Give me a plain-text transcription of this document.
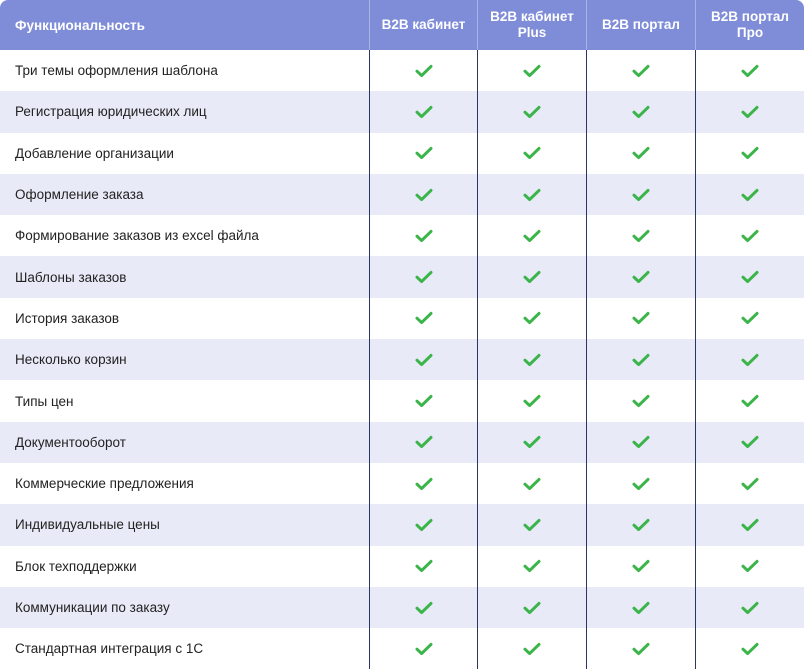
Функциональность	B2B кабинет
B2B кабинет Plus
B2B портал
B2B портал Про
Три темы оформления шаблона
Регистрация юридических лиц
Добавление организации
Оформление заказа
Формирование заказов из excel файла
Шаблоны заказов
История заказов
Несколько корзин
Типы цен
Документооборот
Коммерческие предложения
Индивидуальные цены
Блок техподдержки
Коммуникации по заказу
Стандартная интеграция с 1С
